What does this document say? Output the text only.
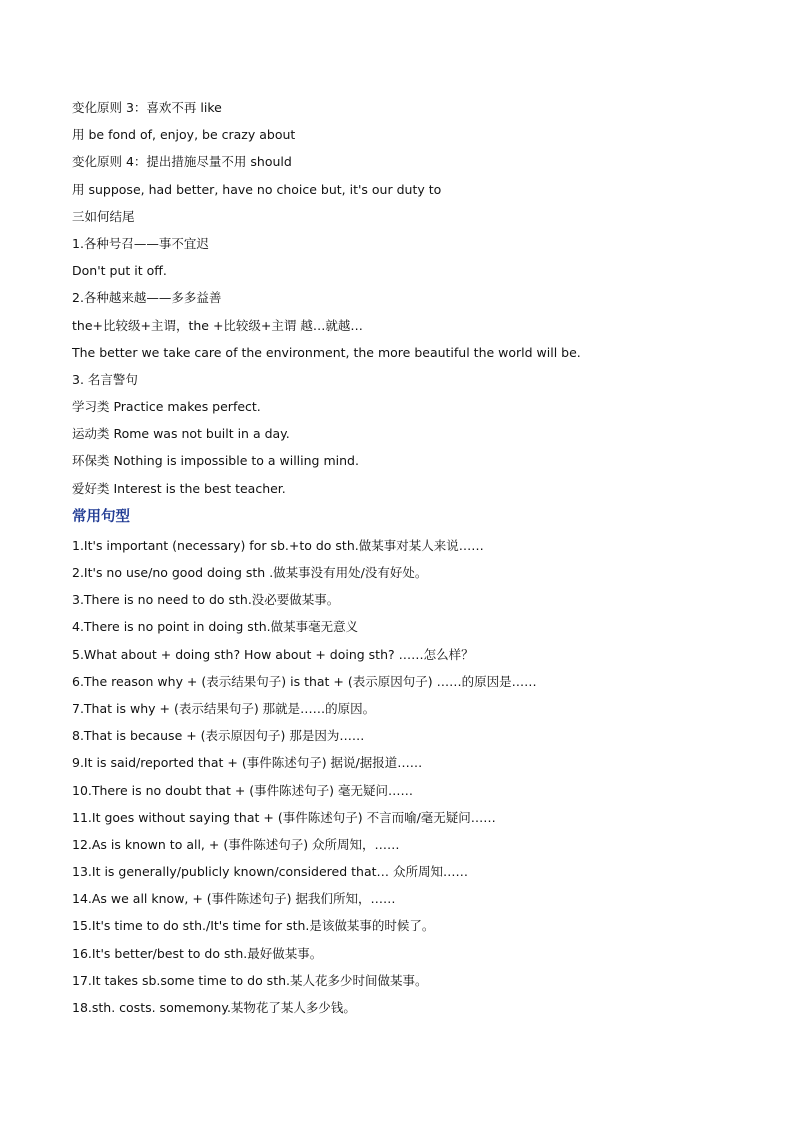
变化原则 3：喜欢不再 like
用 be fond of, enjoy, be crazy about
变化原则 4：提出措施尽量不用 should
用 suppose, had better, have no choice but, it's our duty to
三如何结尾
1.各种号召——事不宜迟
Don't put it off.
2.各种越来越——多多益善
the+比较级+主谓，the +比较级+主谓 越…就越…
The better we take care of the environment, the more beautiful the world will be.
3. 名言警句
学习类 Practice makes perfect.
运动类 Rome was not built in a day.
环保类 Nothing is impossible to a willing mind.
爱好类 Interest is the best teacher.
常用句型
1.It's important (necessary) for sb.+to do sth.做某事对某人来说……
2.It's no use/no good doing sth .做某事没有用处/没有好处。
3.There is no need to do sth.没必要做某事。
4.There is no point in doing sth.做某事毫无意义
5.What about + doing sth? How about + doing sth? ……怎么样？
6.The reason why + (表示结果句子) is that + (表示原因句子) ……的原因是……
7.That is why + (表示结果句子) 那就是……的原因。
8.That is because + (表示原因句子) 那是因为……
9.It is said/reported that + (事件陈述句子) 据说/据报道……
10.There is no doubt that + (事件陈述句子) 毫无疑问……
11.It goes without saying that + (事件陈述句子) 不言而喻/毫无疑问……
12.As is known to all, + (事件陈述句子) 众所周知，……
13.It is generally/publicly known/considered that… 众所周知……
14.As we all know, + (事件陈述句子) 据我们所知，……
15.It's time to do sth./It's time for sth.是该做某事的时候了。
16.It's better/best to do sth.最好做某事。
17.It takes sb.some time to do sth.某人花多少时间做某事。
18.sth. costs. somemony.某物花了某人多少钱。
